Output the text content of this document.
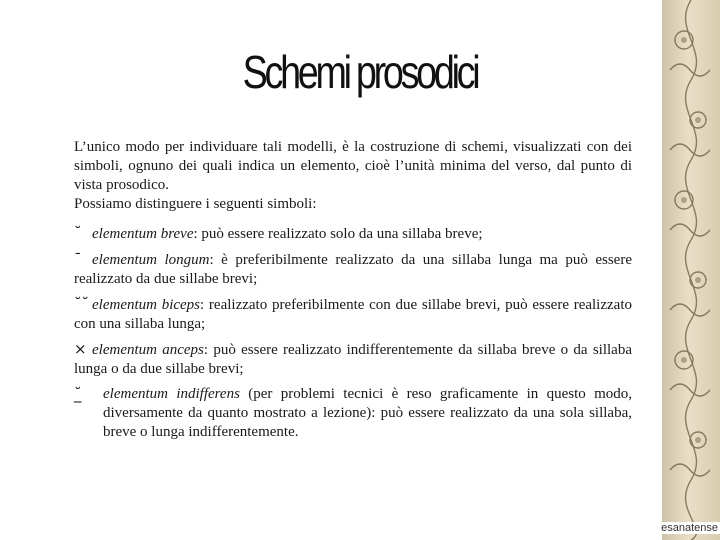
Schemi prosodici
esanatense

L’unico modo per individuare tali modelli, è la costruzione di schemi, visualizzati con dei simboli, ognuno dei quali indica un elemento, cioè l’unità minima del verso, dal punto di vista prosodico.

Possiamo distinguere i seguenti simboli:

˘ elementum breve: può essere realizzato solo da una sillaba breve;

¯ elementum longum: è preferibilmente realizzato da una sillaba lunga ma può essere realizzato da due sillabe brevi;

˘˘ elementum biceps: realizzato preferibilmente con due sillabe brevi, può essere realizzato con una sillaba lunga;

× elementum anceps: può essere realizzato indifferentemente da sillaba breve o da sillaba lunga o da due sillabe brevi;

˘̲	elementum indifferens (per problemi tecnici è reso graficamente in questo modo, diversamente da quanto mostrato a lezione): può essere realizzato da una sola sillaba, breve o lunga indifferentemente.
